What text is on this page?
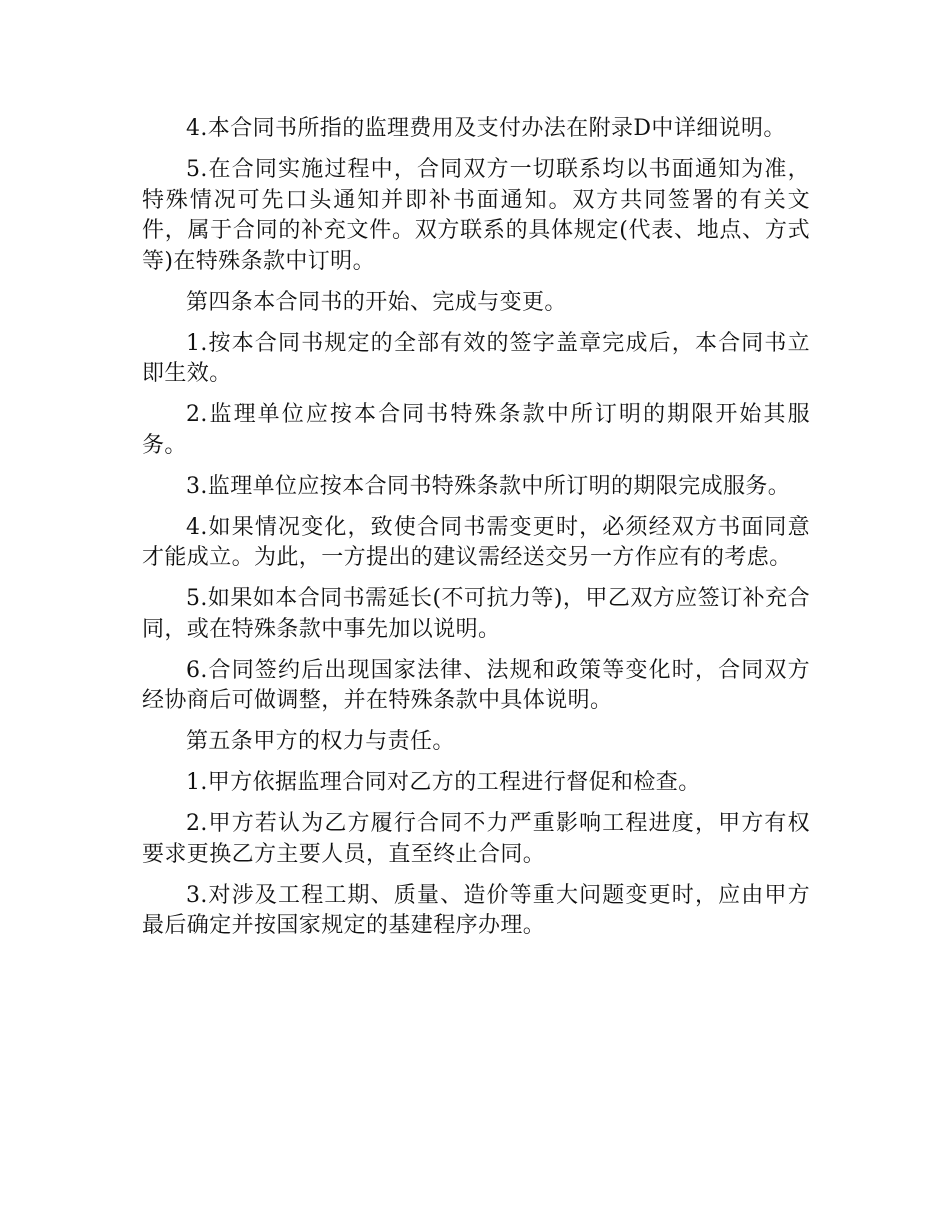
4.本合同书所指的监理费用及支付办法在附录D中详细说明。

5.在合同实施过程中，合同双方一切联系均以书面通知为准，特殊情况可先口头通知并即补书面通知。双方共同签署的有关文件，属于合同的补充文件。双方联系的具体规定(代表、地点、方式等)在特殊条款中订明。

第四条本合同书的开始、完成与变更。

1.按本合同书规定的全部有效的签字盖章完成后，本合同书立即生效。

2.监理单位应按本合同书特殊条款中所订明的期限开始其服务。

3.监理单位应按本合同书特殊条款中所订明的期限完成服务。

4.如果情况变化，致使合同书需变更时，必须经双方书面同意才能成立。为此，一方提出的建议需经送交另一方作应有的考虑。

5.如果如本合同书需延长(不可抗力等)，甲乙双方应签订补充合同，或在特殊条款中事先加以说明。

6.合同签约后出现国家法律、法规和政策等变化时，合同双方经协商后可做调整，并在特殊条款中具体说明。

第五条甲方的权力与责任。

1.甲方依据监理合同对乙方的工程进行督促和检查。

2.甲方若认为乙方履行合同不力严重影响工程进度，甲方有权要求更换乙方主要人员，直至终止合同。

3.对涉及工程工期、质量、造价等重大问题变更时，应由甲方最后确定并按国家规定的基建程序办理。
